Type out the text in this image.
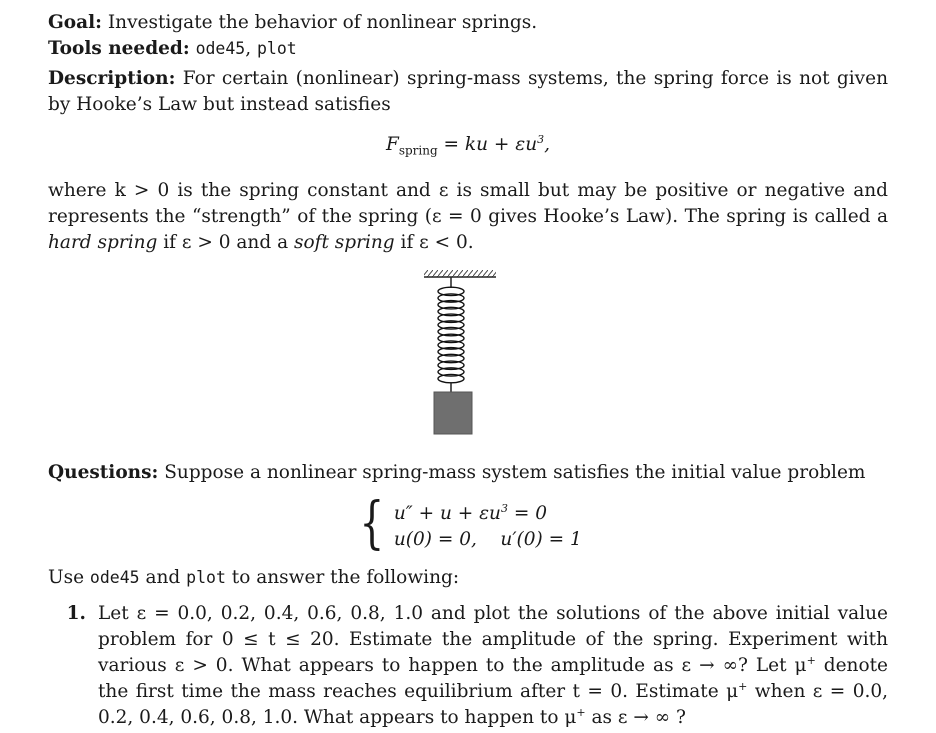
Goal: Investigate the behavior of nonlinear springs.

Tools needed: ode45, plot

Description: For certain (nonlinear) spring-mass systems, the spring force is not given by Hooke’s Law but instead satisfies

$F_{spring}$ = ku + $\varepsilon u^3$,

where k > 0 is the spring constant and ε is small but may be positive or negative and represents the “strength” of the spring (ε = 0 gives Hooke’s Law). The spring is called a hard spring if ε > 0 and a soft spring if ε < 0.

Questions: Suppose a nonlinear spring-mass system satisfies the initial value problem

{ $u'' + u + \varepsilon u^3 = 0$
u(0) = 0,    u′(0) = 1

Use ode45 and plot to answer the following:

1. Let ε = 0.0, 0.2, 0.4, 0.6, 0.8, 1.0 and plot the solutions of the above initial value problem for 0 ≤ t ≤ 20. Estimate the amplitude of the spring. Experiment with various ε > 0. What appears to happen to the amplitude as ε → ∞? Let μ+ denote the first time the mass reaches equilibrium after t = 0. Estimate μ+ when ε = 0.0, 0.2, 0.4, 0.6, 0.8, 1.0. What appears to happen to μ+ as ε → ∞ ?
